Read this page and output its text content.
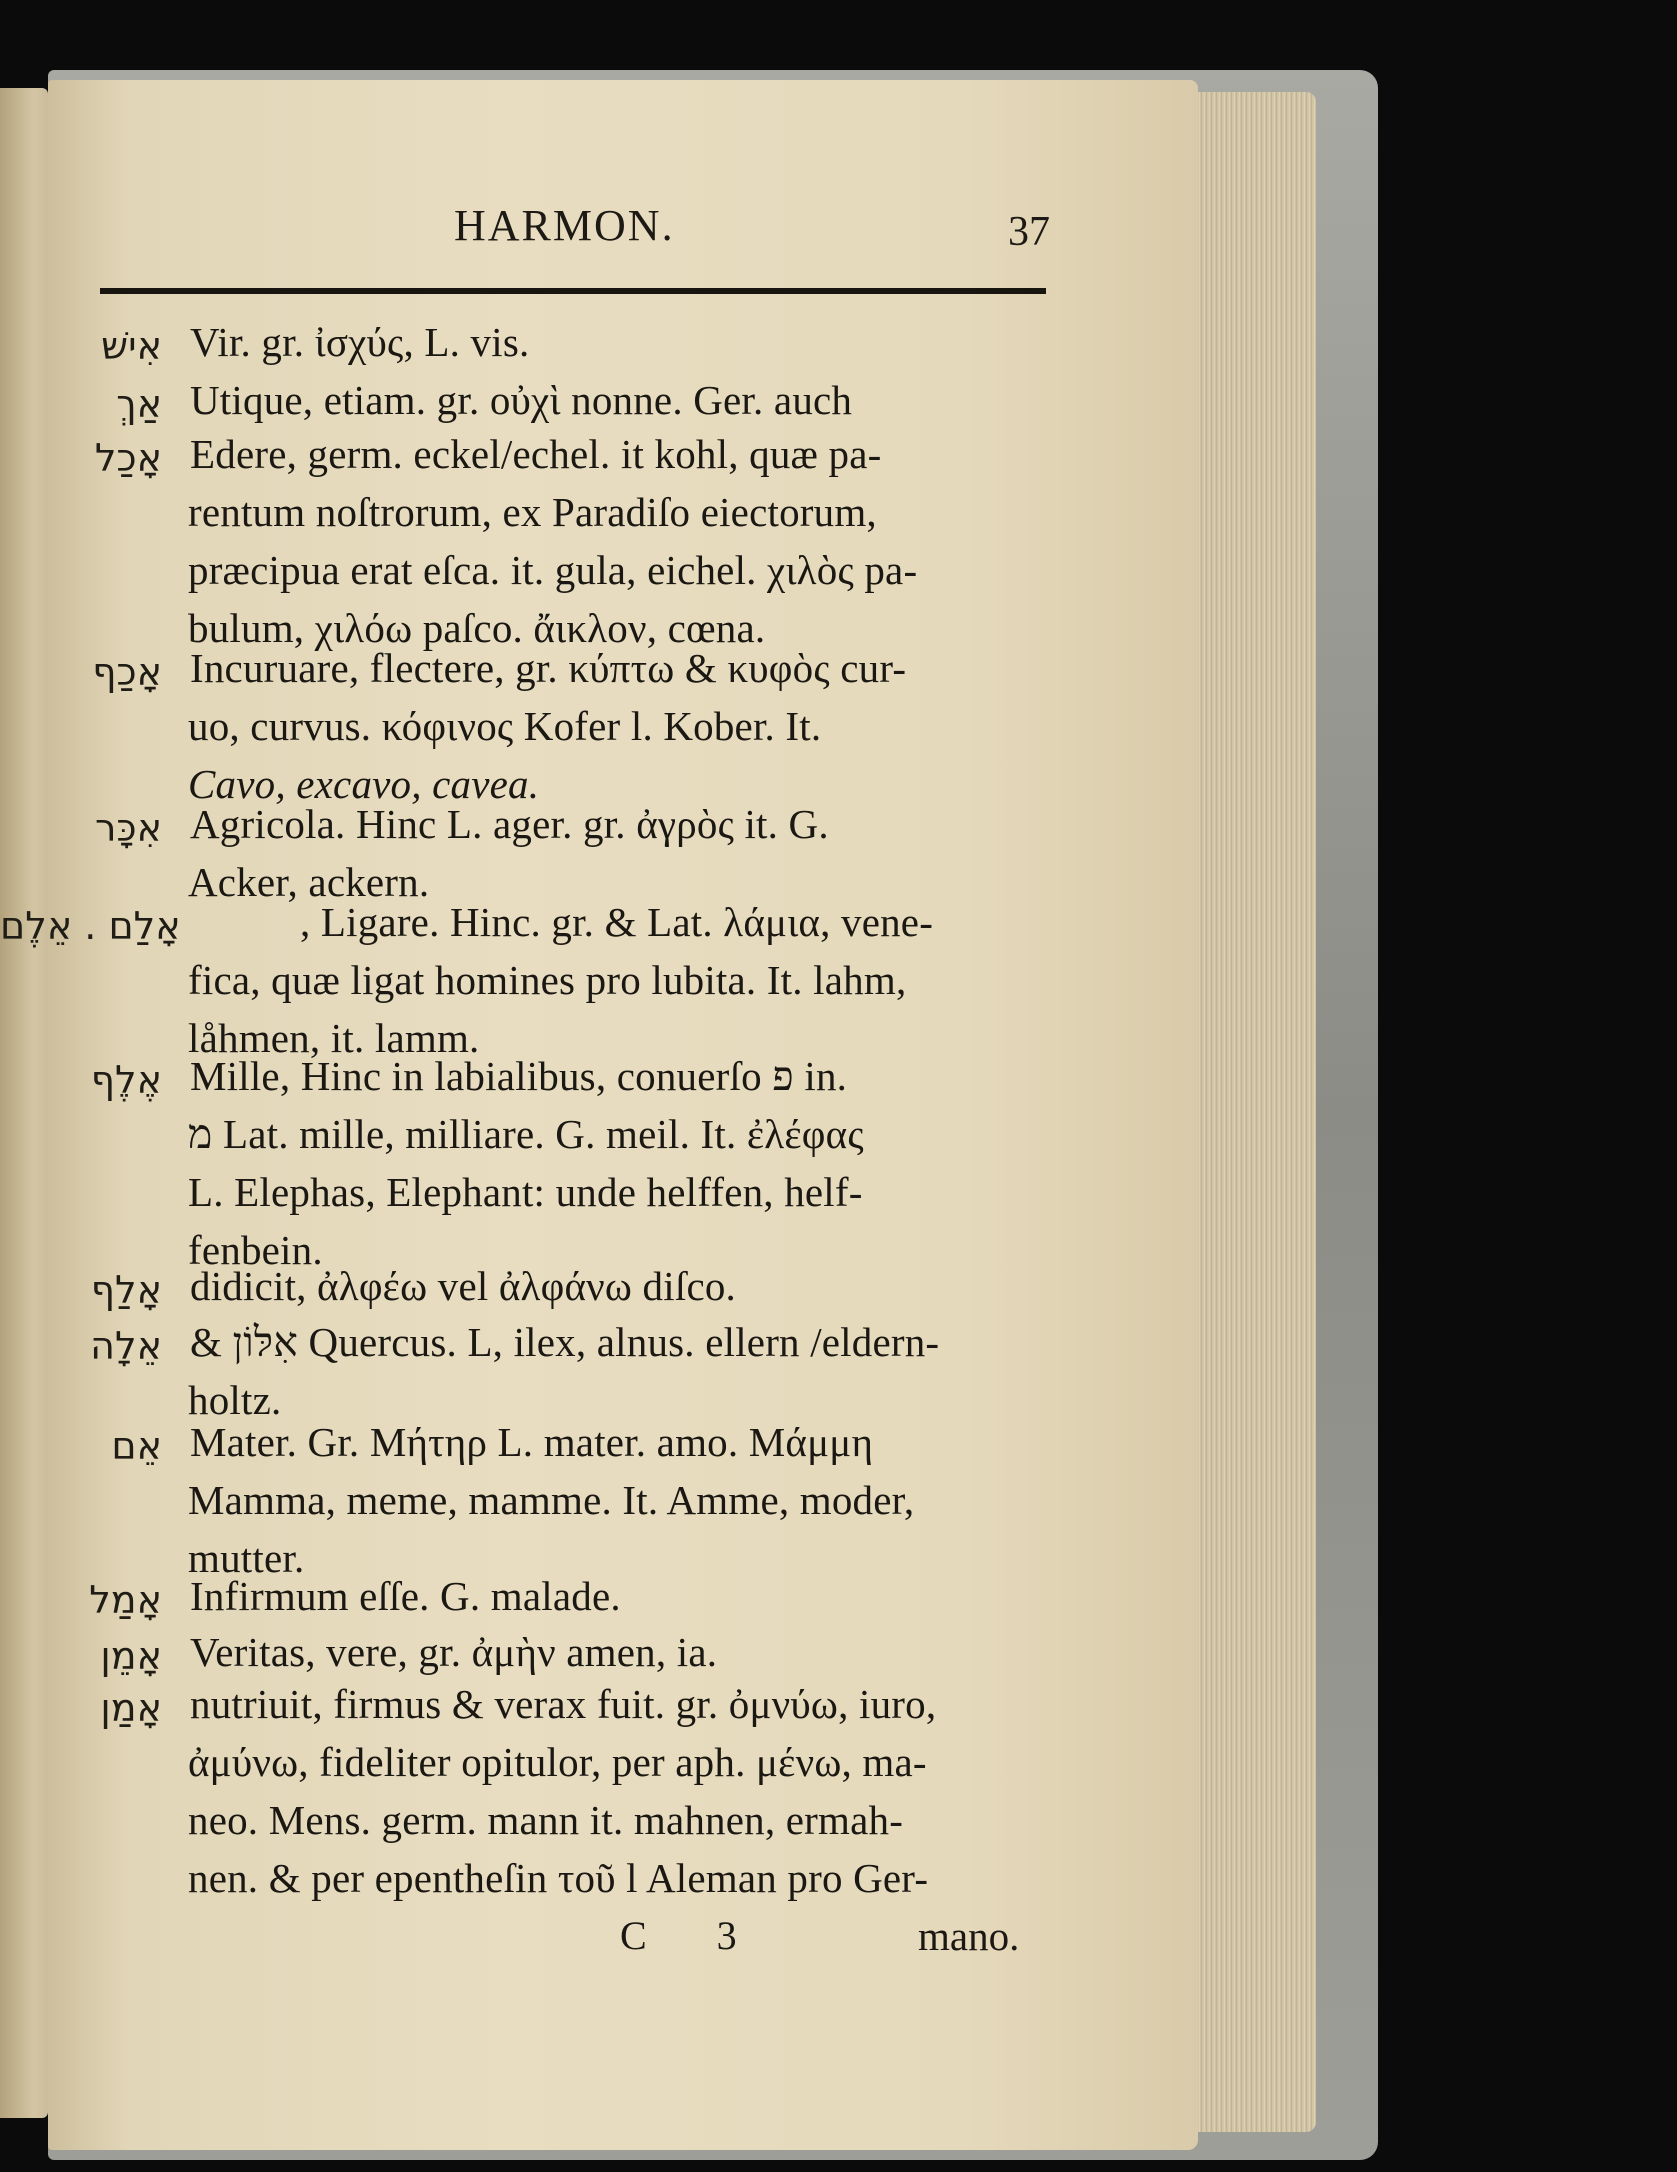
HARMON.	37
אִישׁ Vir. gr. ἰσχύς, L. vis.
אַךְ Utique, etiam. gr. οὐχὶ nonne. Ger. auch
אָכַל Edere, germ. eckel/echel. it kohl, quæ pa-
rentum noſtrorum, ex Paradiſo eiectorum,
præcipua erat eſca. it. gula, eichel. χιλὸς pa-
bulum, χιλόω paſco. ἄικλον, cœna.
אָכַף Incuruare, flectere, gr. κύπτω & κυφὸς cur-
uo, curvus. κόφινος Kofer l. Kober. It.
Cavo, excavo, cavea.
אִכָּר Agricola. Hinc L. ager. gr. ἀγρὸς it. G.
Acker, ackern.
אָלַם . אֵלֶם	, Ligare. Hinc. gr. & Lat. λάμια, vene-
fica, quæ ligat homines pro lubita. It. lahm,
låhmen, it. lamm.
אֶלֶף Mille, Hinc in labialibus, conuerſo פ in.
מ Lat. mille, milliare. G. meil. It. ἐλέφας
L. Elephas, Elephant: unde helffen, helf-
fenbein.
אָלַף didicit, ἀλφέω vel ἀλφάνω diſco.
אֵלָה & אִלּוֹן Quercus. L, ilex, alnus. ellern /eldern-
holtz.
אֵם Mater. Gr. Μήτηρ L. mater. amo. Μάμμη
Mamma, meme, mamme. It. Amme, moder,
mutter.
אָמַל Infirmum eſſe. G. malade.
אָמֵן Veritas, vere, gr. ἀμὴν amen, ia.
אָמַן nutriuit, firmus & verax fuit. gr. ὀμνύω, iuro,
ἀμύνω, fideliter opitulor, per aph. μένω, ma-
neo. Mens. germ. mann it. mahnen, ermah-
nen. & per epentheſin τοῦ l Aleman pro Ger-
C 3	mano.
